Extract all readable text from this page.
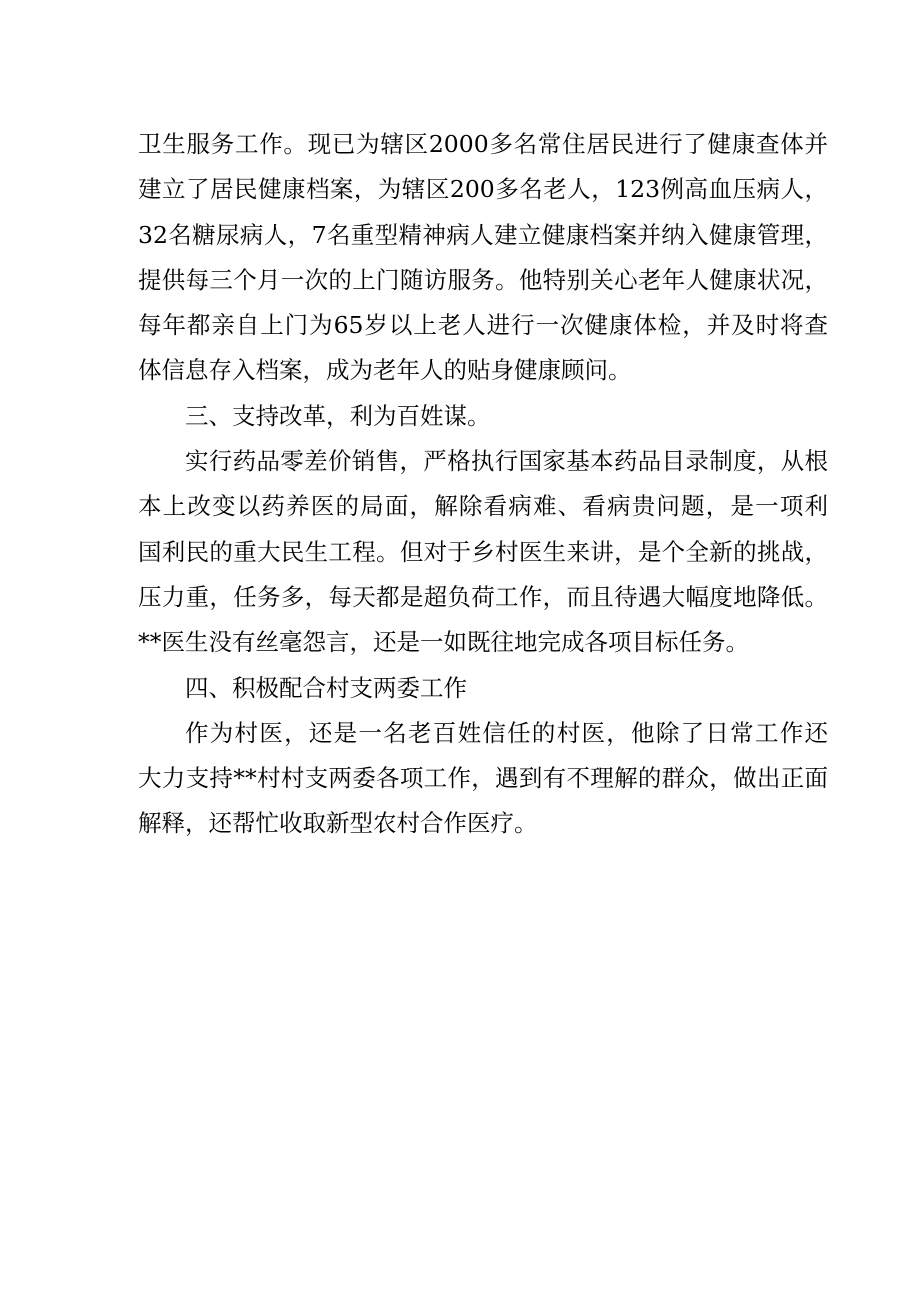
卫生服务工作。现已为辖区2000多名常住居民进行了健康查体并
建立了居民健康档案，为辖区200多名老人，123例高血压病人，
32名糖尿病人，7名重型精神病人建立健康档案并纳入健康管理，
提供每三个月一次的上门随访服务。他特别关心老年人健康状况，
每年都亲自上门为65岁以上老人进行一次健康体检，并及时将查
体信息存入档案，成为老年人的贴身健康顾问。
三、支持改革，利为百姓谋。
实行药品零差价销售，严格执行国家基本药品目录制度，从根
本上改变以药养医的局面，解除看病难、看病贵问题，是一项利
国利民的重大民生工程。但对于乡村医生来讲，是个全新的挑战，
压力重，任务多，每天都是超负荷工作，而且待遇大幅度地降低。
**医生没有丝毫怨言，还是一如既往地完成各项目标任务。
四、积极配合村支两委工作
作为村医，还是一名老百姓信任的村医，他除了日常工作还
大力支持**村村支两委各项工作，遇到有不理解的群众，做出正面
解释，还帮忙收取新型农村合作医疗。
